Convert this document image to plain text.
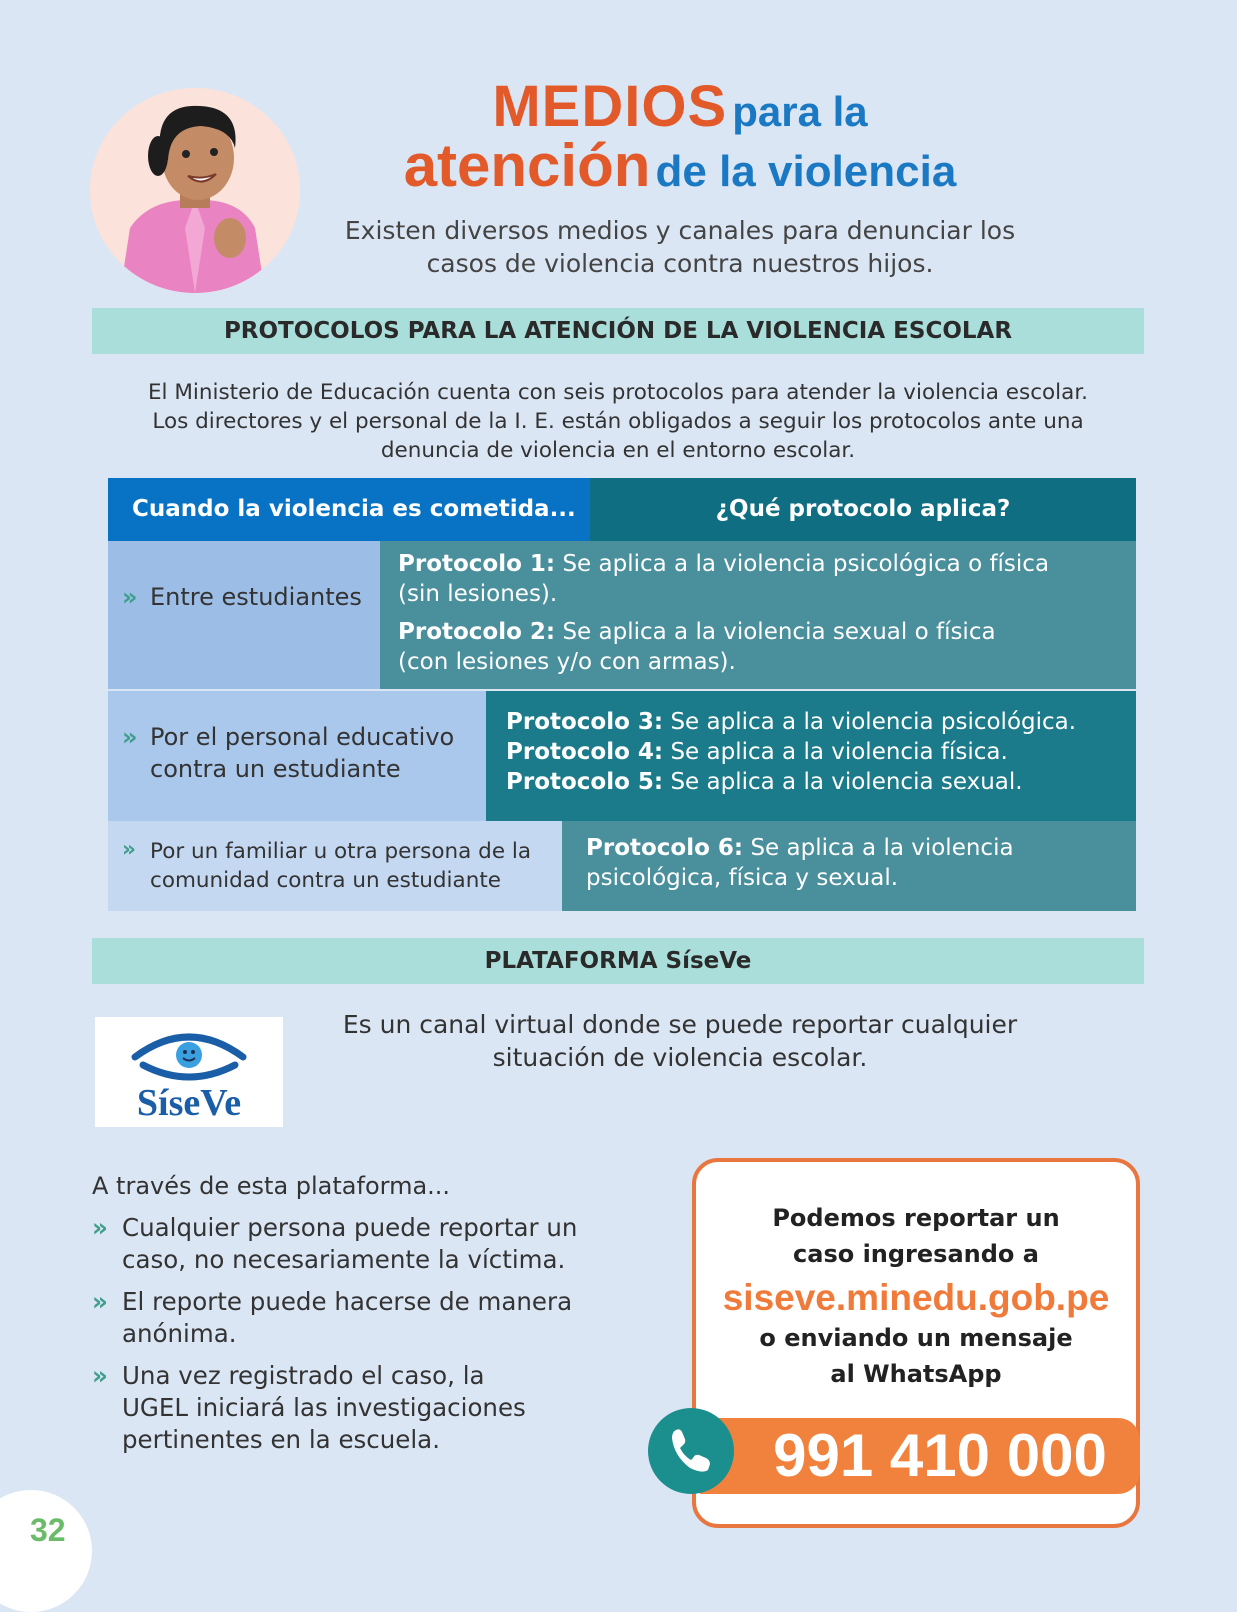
MEDIOS para la
atención de la violencia
Existen diversos medios y canales para denunciar los
casos de violencia contra nuestros hijos.
PROTOCOLOS PARA LA ATENCIÓN DE LA VIOLENCIA ESCOLAR
El Ministerio de Educación cuenta con seis protocolos para atender la violencia escolar.
Los directores y el personal de la I. E. están obligados a seguir los protocolos ante una
denuncia de violencia en el entorno escolar.
Cuando la violencia es cometida...	¿Qué protocolo aplica?
» Entre estudiantes
Protocolo 1: Se aplica a la violencia psicológica o física
(sin lesiones).
Protocolo 2: Se aplica a la violencia sexual o física
(con lesiones y/o con armas).
» Por el personal educativo
contra un estudiante
Protocolo 3: Se aplica a la violencia psicológica.
Protocolo 4: Se aplica a la violencia física.
Protocolo 5: Se aplica a la violencia sexual.
» Por un familiar u otra persona de la
comunidad contra un estudiante
Protocolo 6: Se aplica a la violencia
psicológica, física y sexual.
PLATAFORMA SíseVe
SíseVe
Es un canal virtual donde se puede reportar cualquier
situación de violencia escolar.
A través de esta plataforma...
» Cualquier persona puede reportar un
caso, no necesariamente la víctima.
» El reporte puede hacerse de manera
anónima.
» Una vez registrado el caso, la
UGEL iniciará las investigaciones
pertinentes en la escuela.
Podemos reportar un
caso ingresando a
siseve.minedu.gob.pe
o enviando un mensaje
al WhatsApp
991 410 000
32
